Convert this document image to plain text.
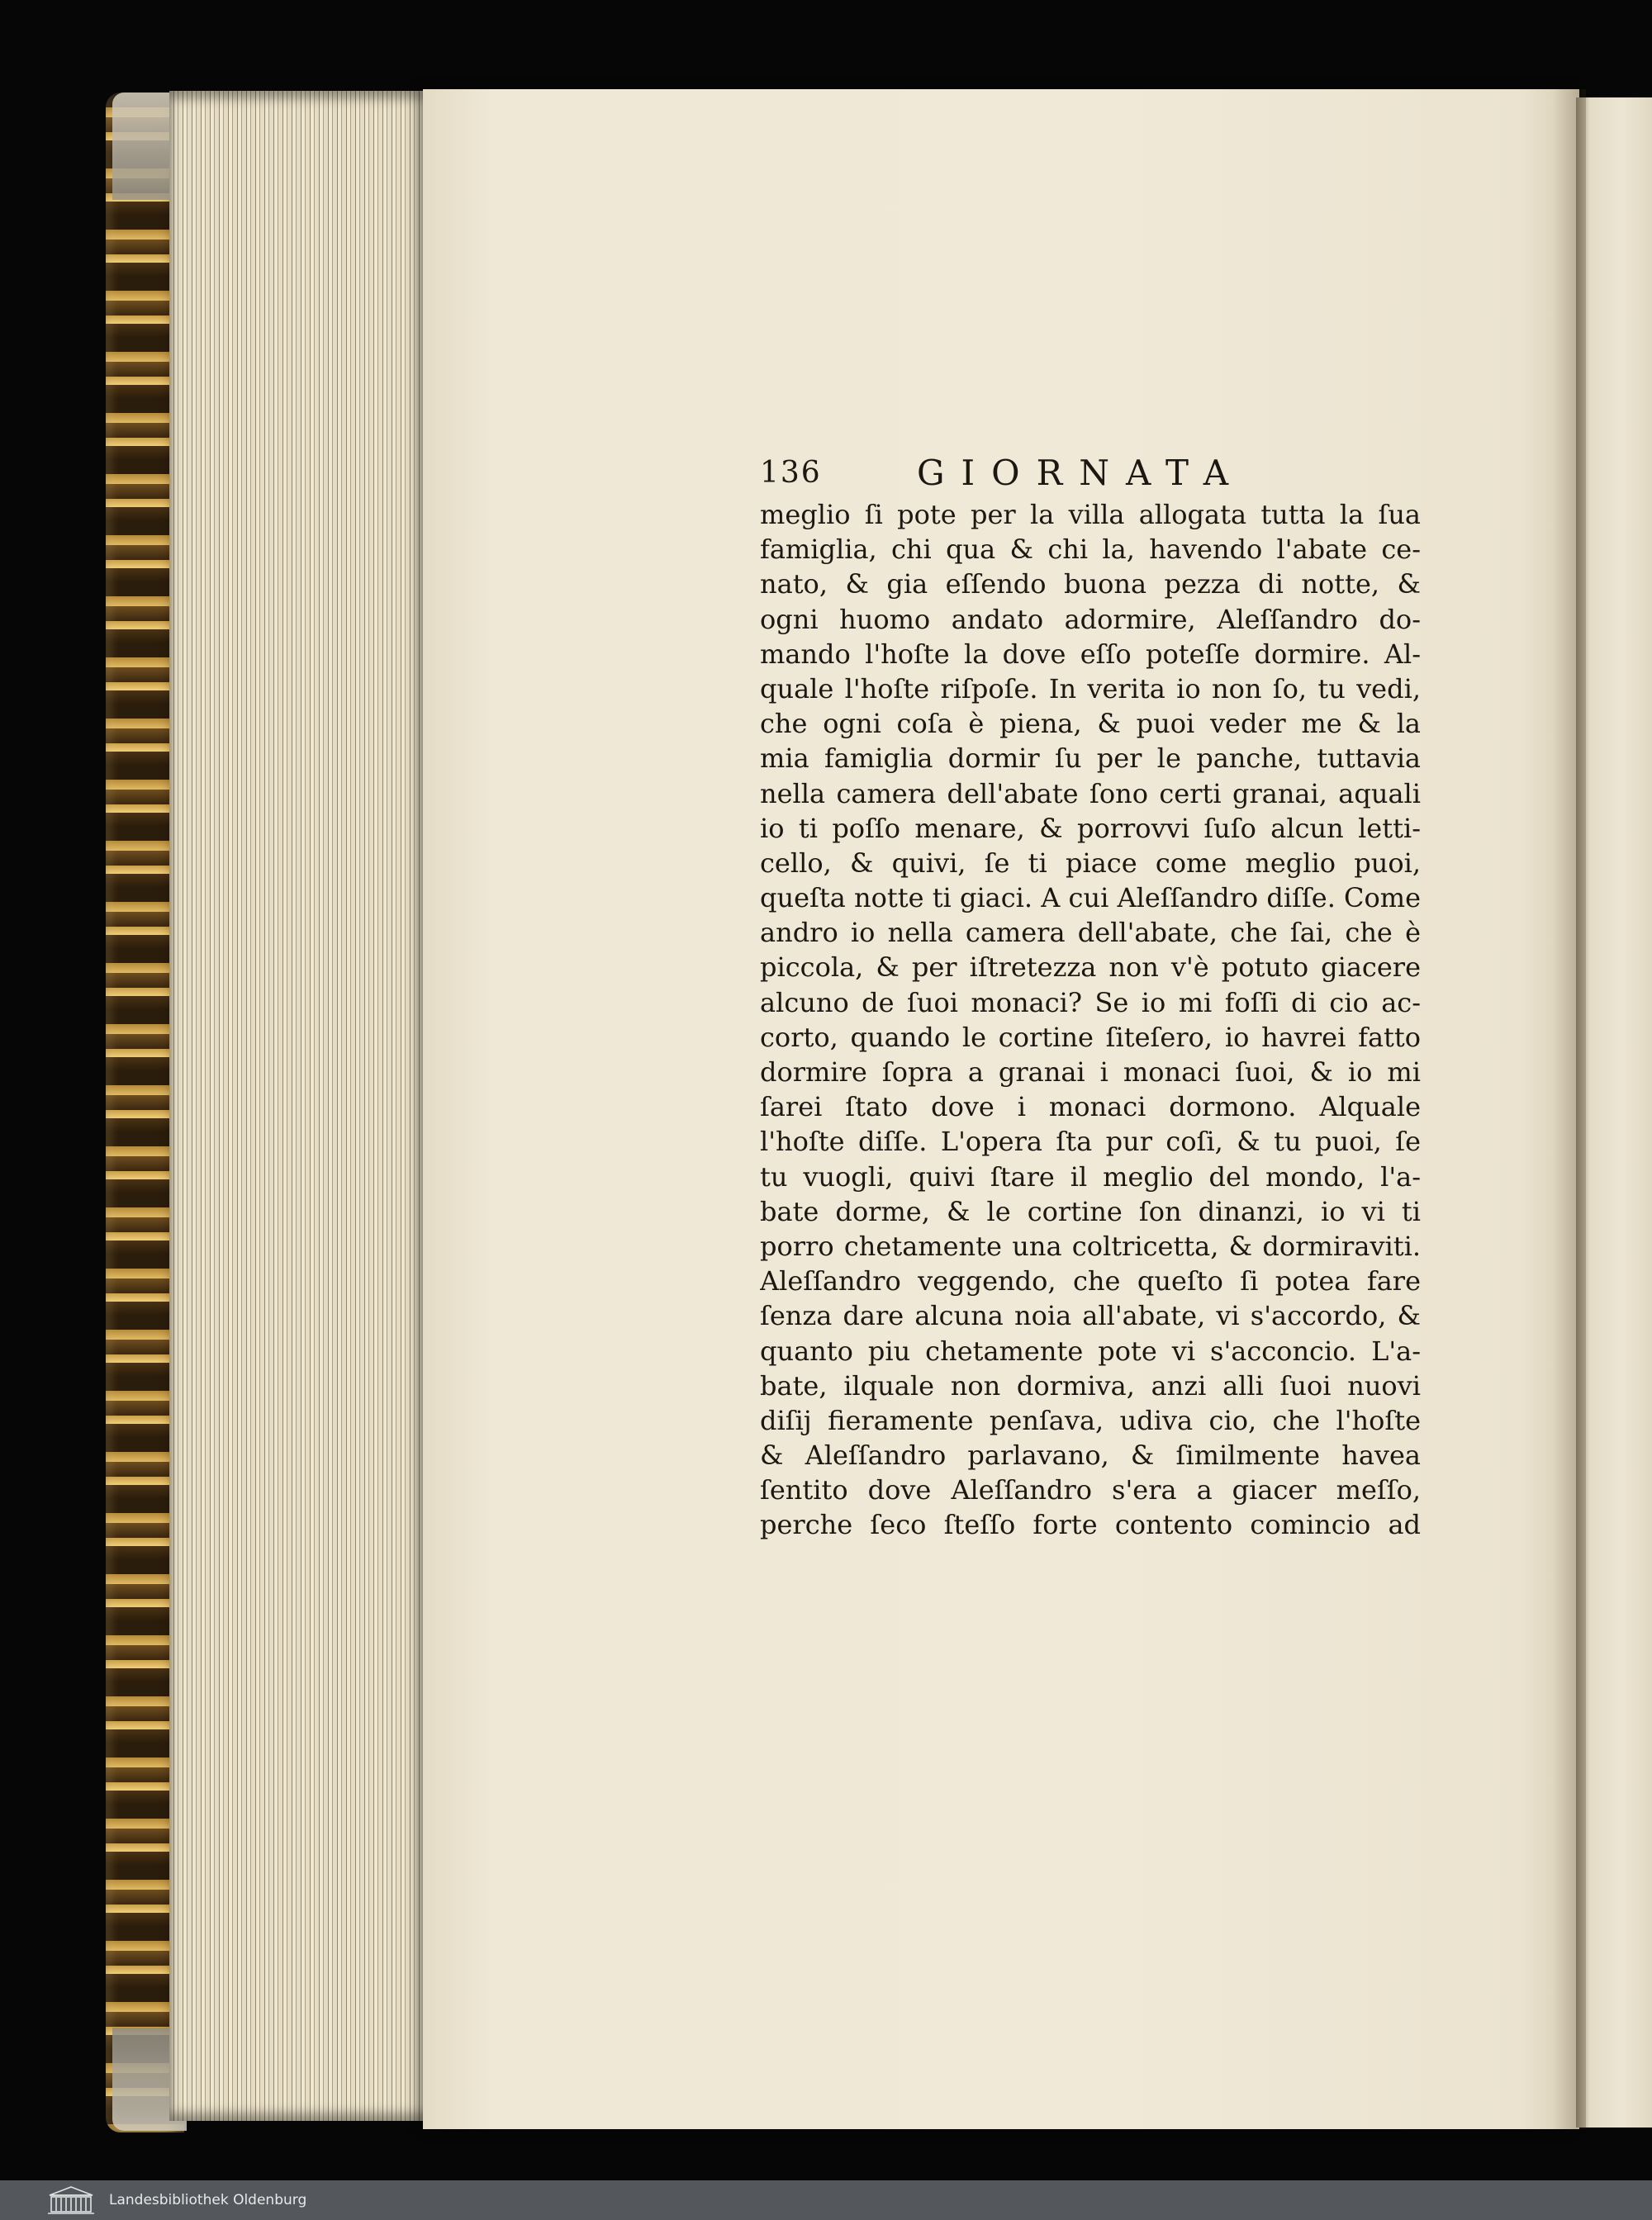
136	GIORNATA
meglio ſi pote per la villa allogata tutta la ſua
famiglia, chi qua & chi la, havendo l'abate ce-
nato, & gia eſſendo buona pezza di notte, &
ogni huomo andato adormire, Aleſſandro do-
mando l'hoſte la dove eſſo poteſſe dormire. Al-
quale l'hoſte riſpoſe. In verita io non ſo, tu vedi,
che ogni coſa è piena, & puoi veder me & la
mia famiglia dormir ſu per le panche, tuttavia
nella camera dell'abate ſono certi granai, aquali
io ti poſſo menare, & porrovvi ſuſo alcun letti-
cello, & quivi, ſe ti piace come meglio puoi,
queſta notte ti giaci. A cui Aleſſandro diſſe. Come
andro io nella camera dell'abate, che ſai, che è
piccola, & per iſtretezza non v'è potuto giacere
alcuno de ſuoi monaci? Se io mi foſſi di cio ac-
corto, quando le cortine ſiteſero, io havrei fatto
dormire ſopra a granai i monaci ſuoi, & io mi
ſarei ſtato dove i monaci dormono. Alquale
l'hoſte diſſe. L'opera ſta pur coſi, & tu puoi, ſe
tu vuogli, quivi ſtare il meglio del mondo, l'a-
bate dorme, & le cortine ſon dinanzi, io vi ti
porro chetamente una coltricetta, & dormiraviti.
Aleſſandro veggendo, che queſto ſi potea fare
ſenza dare alcuna noia all'abate, vi s'accordo, &
quanto piu chetamente pote vi s'acconcio. L'a-
bate, ilquale non dormiva, anzi alli ſuoi nuovi
diſij fieramente penſava, udiva cio, che l'hoſte
& Aleſſandro parlavano, & ſimilmente havea
ſentito dove Aleſſandro s'era a giacer meſſo,
perche ſeco ſteſſo forte contento comincio ad
Landesbibliothek Oldenburg
